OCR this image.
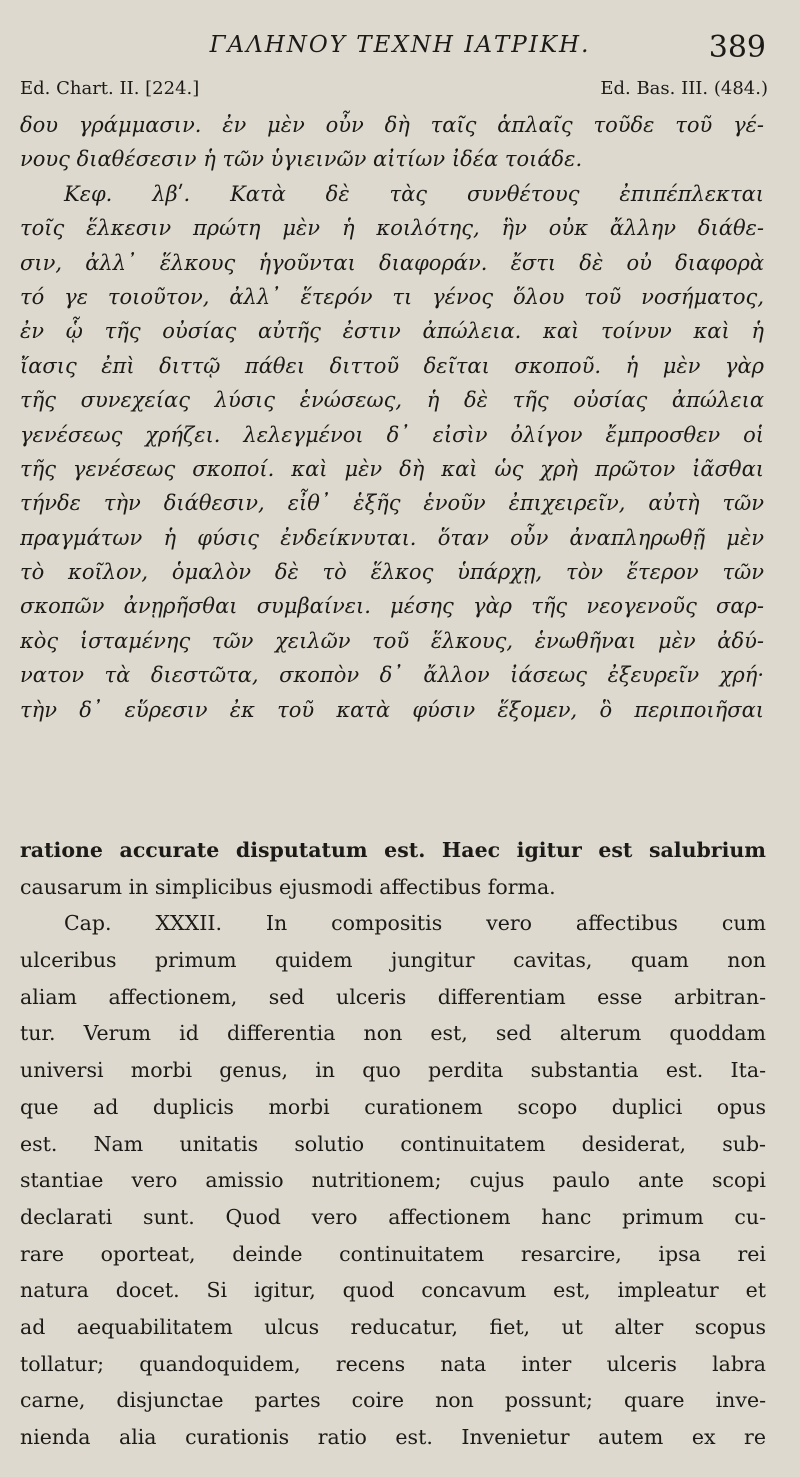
ΓΑΛΗΝΟΥ ΤΕΧΝΗ ΙΑΤΡΙΚΗ.	389
Ed. Chart. II. [224.]	Ed. Bas. III. (484.)
δου γράμμασιν. ἐν μὲν οὖν δὴ ταῖς ἁπλαῖς τοῦδε τοῦ γέ-
νους διαθέσεσιν ἡ τῶν ὑγιεινῶν αἰτίων ἰδέα τοιάδε.
Κεφ. λβʹ. Κατὰ δὲ τὰς συνθέτους ἐπιπέπλεκται
τοῖς ἕλκεσιν πρώτη μὲν ἡ κοιλότης, ἣν οὐκ ἄλλην διάθε-
σιν, ἀλλ᾽ ἕλκους ἡγοῦνται διαφοράν. ἔστι δὲ οὐ διαφορὰ
τό γε τοιοῦτον, ἀλλ᾽ ἕτερόν τι γένος ὅλου τοῦ νοσήματος,
ἐν ᾧ τῆς οὐσίας αὐτῆς ἐστιν ἀπώλεια. καὶ τοίνυν καὶ ἡ
ἴασις ἐπὶ διττῷ πάθει διττοῦ δεῖται σκοποῦ. ἡ μὲν γὰρ
τῆς συνεχείας λύσις ἑνώσεως, ἡ δὲ τῆς οὐσίας ἀπώλεια
γενέσεως χρήζει. λελεγμένοι δ᾽ εἰσὶν ὀλίγον ἔμπροσθεν οἱ
τῆς γενέσεως σκοποί. καὶ μὲν δὴ καὶ ὡς χρὴ πρῶτον ἰᾶσθαι
τήνδε τὴν διάθεσιν, εἶθ᾽ ἑξῆς ἑνοῦν ἐπιχειρεῖν, αὐτὴ τῶν
πραγμάτων ἡ φύσις ἐνδείκνυται. ὅταν οὖν ἀναπληρωθῇ μὲν
τὸ κοῖλον, ὁμαλὸν δὲ τὸ ἕλκος ὑπάρχῃ, τὸν ἕτερον τῶν
σκοπῶν ἀνῃρῆσθαι συμβαίνει. μέσης γὰρ τῆς νεογενοῦς σαρ-
κὸς ἱσταμένης τῶν χειλῶν τοῦ ἕλκους, ἑνωθῆναι μὲν ἀδύ-
νατον τὰ διεστῶτα, σκοπὸν δ᾽ ἄλλον ἰάσεως ἐξευρεῖν χρή·
τὴν δ᾽ εὕρεσιν ἐκ τοῦ κατὰ φύσιν ἕξομεν, ὃ περιποιῆσαι
ratione accurate disputatum est. Haec igitur est salubrium
causarum in simplicibus ejusmodi affectibus forma.
Cap. XXXII. In compositis vero affectibus cum
ulceribus primum quidem jungitur cavitas, quam non
aliam affectionem, sed ulceris differentiam esse arbitran-
tur. Verum id differentia non est, sed alterum quoddam
universi morbi genus, in quo perdita substantia est. Ita-
que ad duplicis morbi curationem scopo duplici opus
est. Nam unitatis solutio continuitatem desiderat, sub-
stantiae vero amissio nutritionem; cujus paulo ante scopi
declarati sunt. Quod vero affectionem hanc primum cu-
rare oporteat, deinde continuitatem resarcire, ipsa rei
natura docet. Si igitur, quod concavum est, impleatur et
ad aequabilitatem ulcus reducatur, fiet, ut alter scopus
tollatur; quandoquidem, recens nata inter ulceris labra
carne, disjunctae partes coire non possunt; quare inve-
nienda alia curationis ratio est. Invenietur autem ex re
